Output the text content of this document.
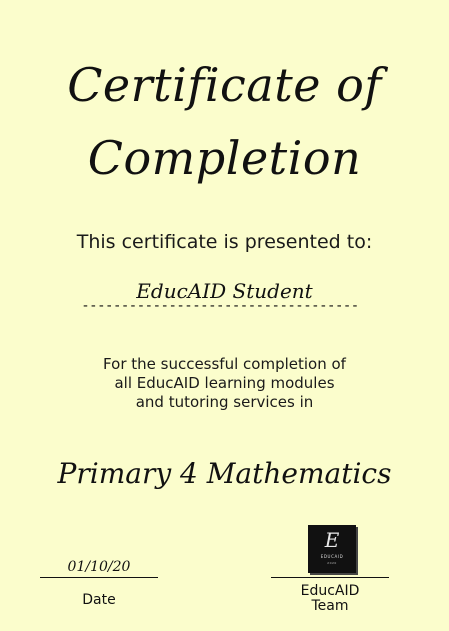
Certificate of
Completion
This certificate is presented to:
EducAID Student
-----------------------------------
For the successful completion of
all EducAID learning modules
and tutoring services in
Primary 4 Mathematics
01/10/20
Date
E
EDUCAID
2020
EducAID
Team
